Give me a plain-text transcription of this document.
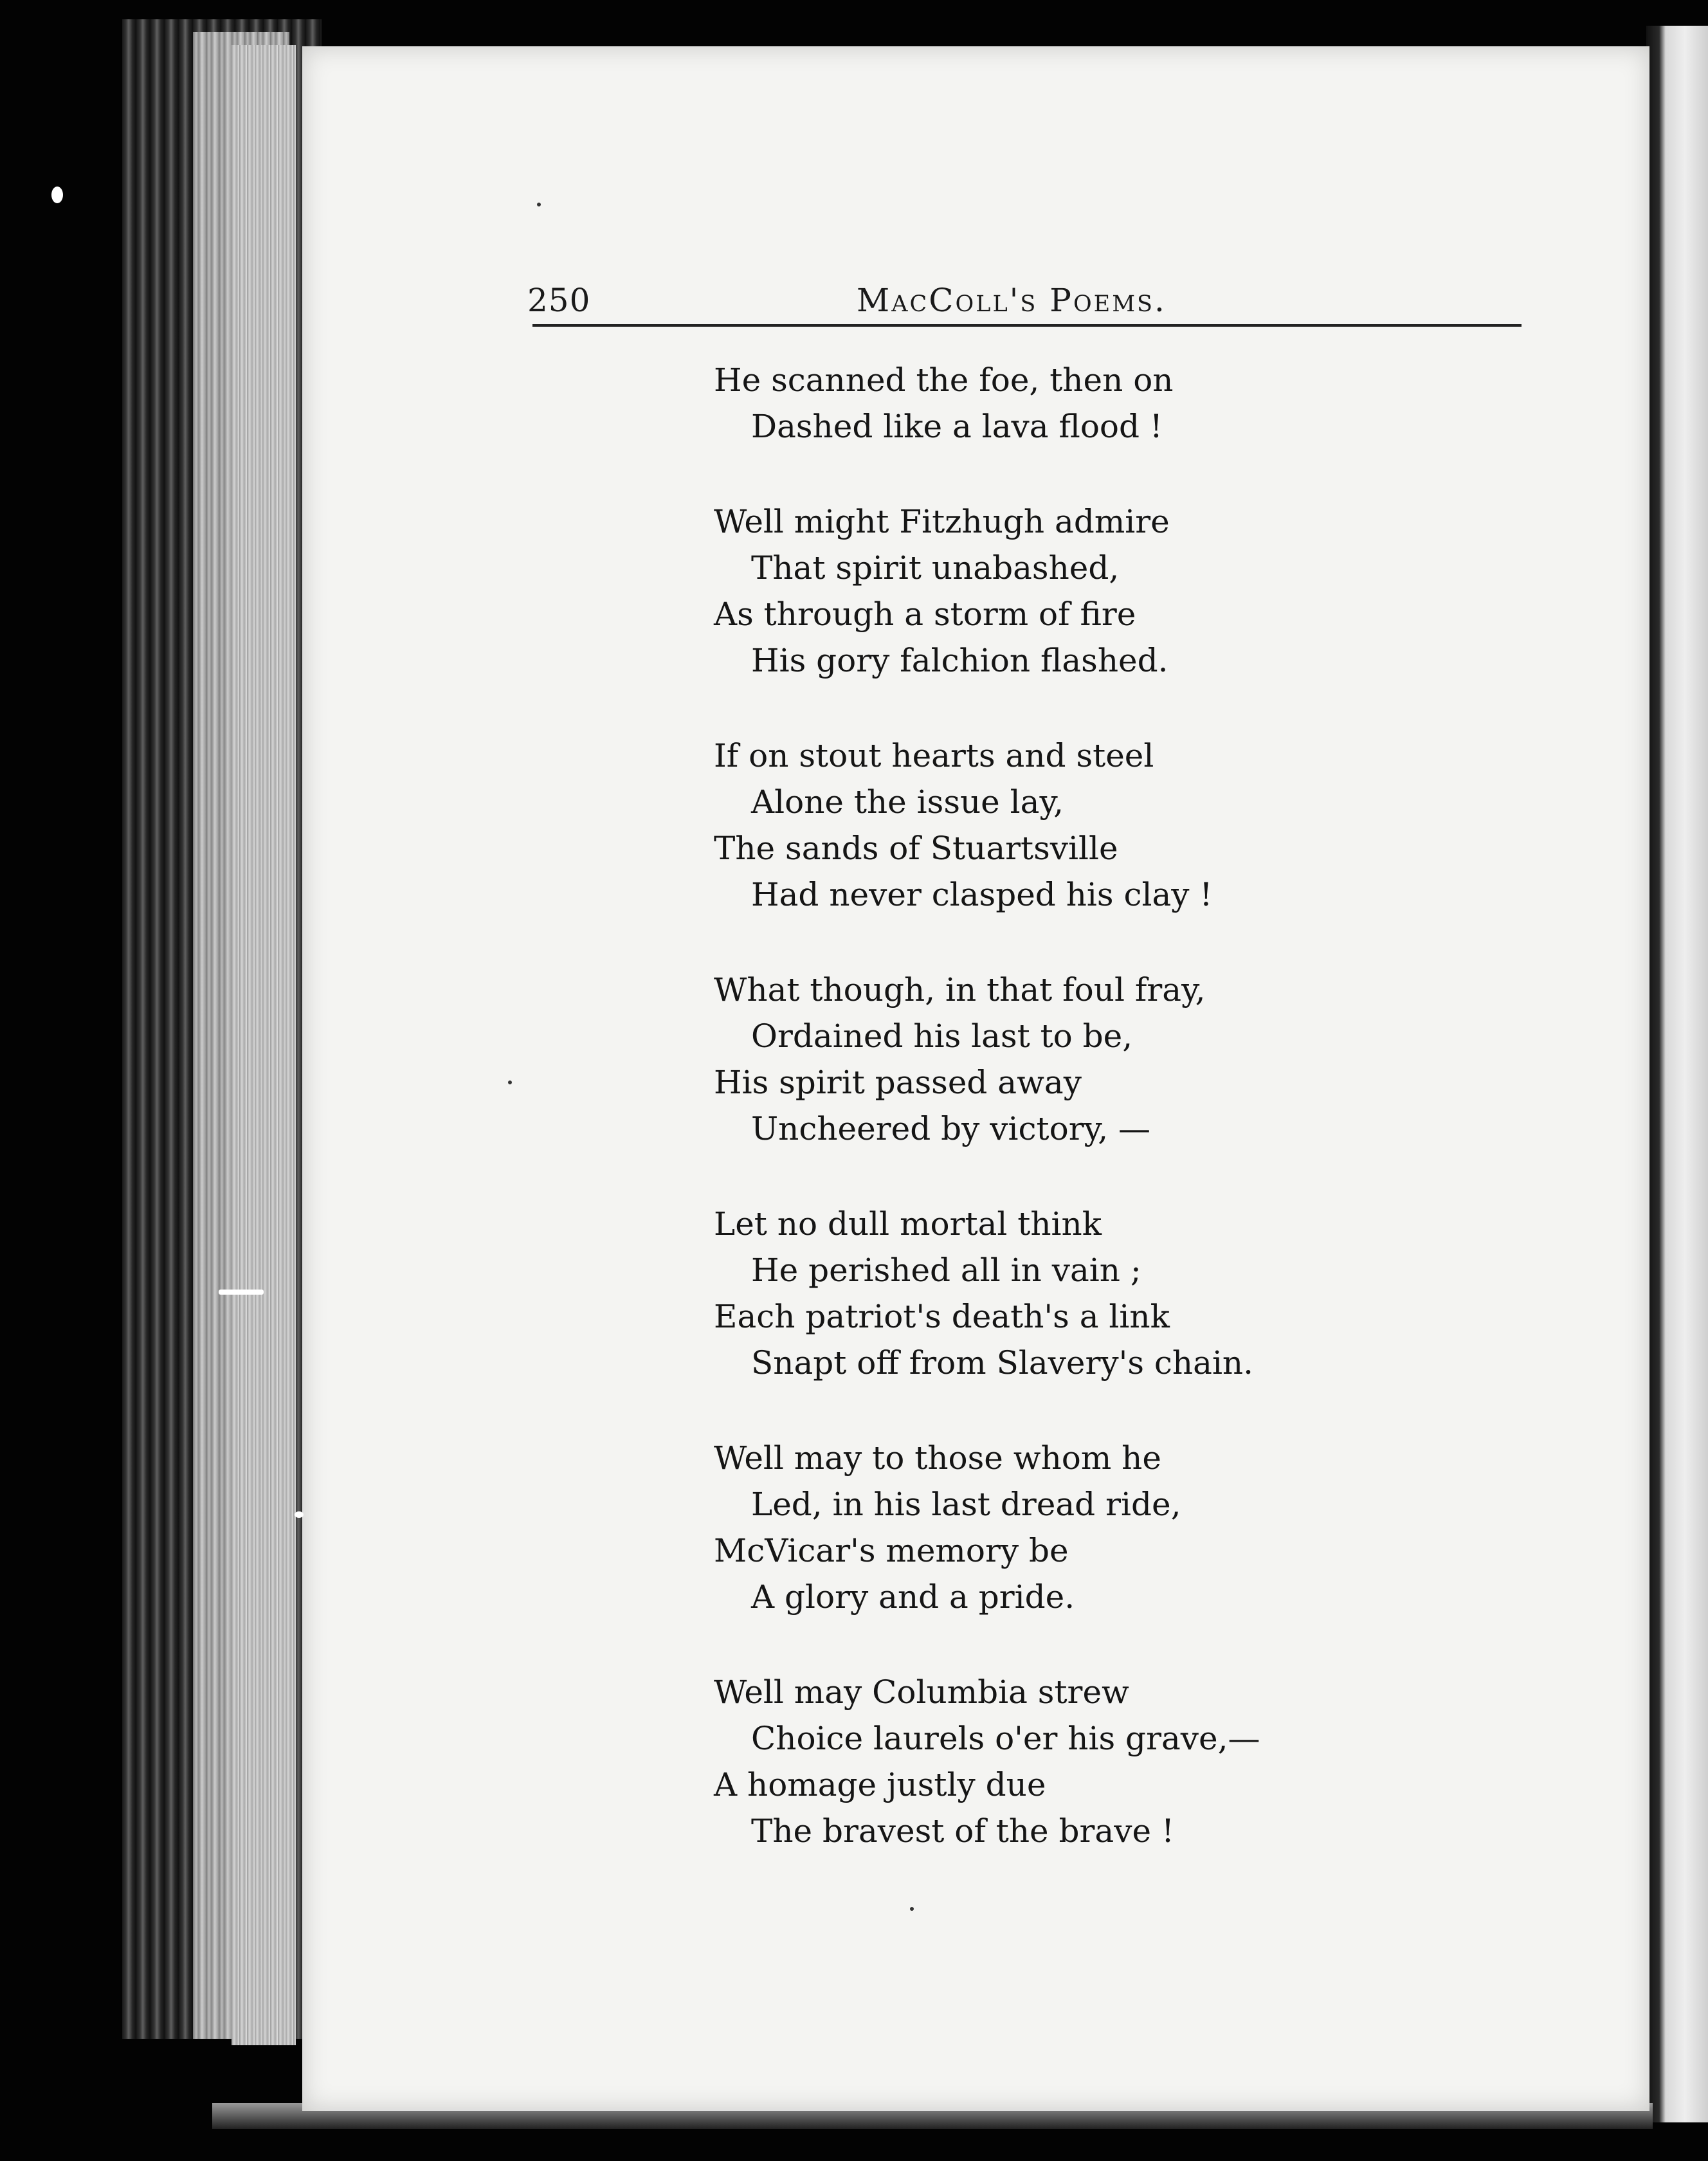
250	MacColl's Poems.
He scanned the foe, then on
Dashed like a lava flood !
Well might Fitzhugh admire
That spirit unabashed,
As through a storm of fire
His gory falchion flashed.
If on stout hearts and steel
Alone the issue lay,
The sands of Stuartsville
Had never clasped his clay !
What though, in that foul fray,
Ordained his last to be,
His spirit passed away
Uncheered by victory, —
Let no dull mortal think
He perished all in vain ;
Each patriot's death's a link
Snapt off from Slavery's chain.
Well may to those whom he
Led, in his last dread ride,
McVicar's memory be
A glory and a pride.
Well may Columbia strew
Choice laurels o'er his grave,—
A homage justly due
The bravest of the brave !
